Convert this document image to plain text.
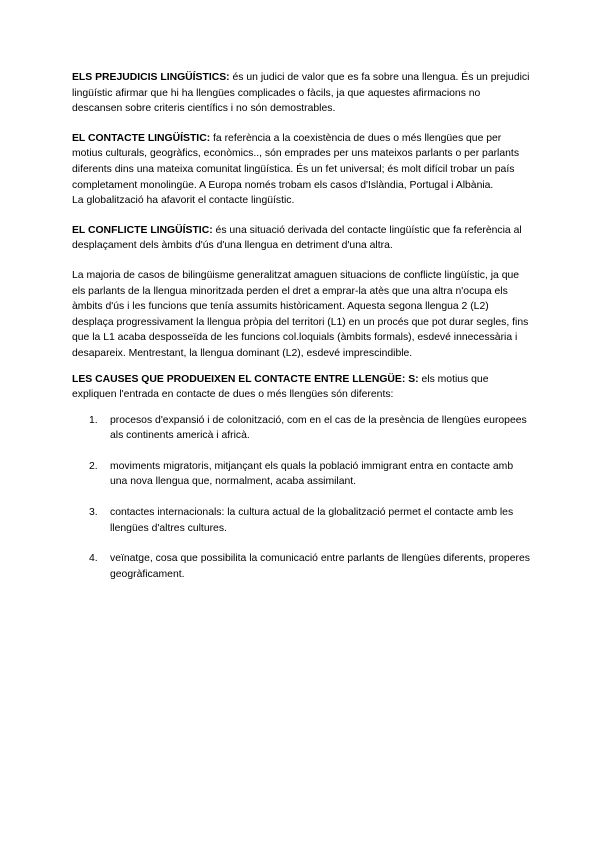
ELS PREJUDICIS LINGÜÍSTICS: és un judici de valor que es fa sobre una llengua. És un prejudici lingüístic afirmar que hi ha llengües complicades o fàcils, ja que aquestes afirmacions no descansen sobre criteris científics i no són demostrables.

EL CONTACTE LINGÜÍSTIC: fa referència a la coexistència de dues o més llengües que per motius culturals, geogràfics, econòmics.., són emprades per uns mateixos parlants o per parlants diferents dins una mateixa comunitat lingüística. És un fet universal; és molt difícil trobar un país completament monolingüe. A Europa només trobam els casos d'Islàndia, Portugal i Albània.

La globalització ha afavorit el contacte lingüístic.

EL CONFLICTE LINGÜÍSTIC: és una situació derivada del contacte lingüístic que fa referència al desplaçament dels àmbits d'ús d'una llengua en detriment d'una altra.

La majoria de casos de bilingüisme generalitzat amaguen situacions de conflicte lingüístic, ja que els parlants de la llengua minoritzada perden el dret a emprar-la atès que una altra n'ocupa els àmbits d'ús i les funcions que tenía assumits històricament. Aquesta segona llengua 2 (L2) desplaça progressivament la llengua pròpia del territori (L1) en un procés que pot durar segles, fins que la L1 acaba desposseïda de les funcions col.loquials (àmbits formals), esdevé innecessària i desapareix. Mentrestant, la llengua dominant (L2), esdevé imprescindible.

LES CAUSES QUE PRODUEIXEN EL CONTACTE ENTRE LLENGÜE: S: els motius que expliquen l'entrada en contacte de dues o més llengües són diferents:

1. procesos d'expansió i de colonització, com en el cas de la presència de llengües europees als continents americà i africà.
2. moviments migratoris, mitjançant els quals la població immigrant entra en contacte amb una nova llengua que, normalment, acaba assimilant.
3. contactes internacionals: la cultura actual de la globalització permet el contacte amb les llengües d'altres cultures.
4. veïnatge, cosa que possibilita la comunicació entre parlants de llengües diferents, properes geogràficament.
